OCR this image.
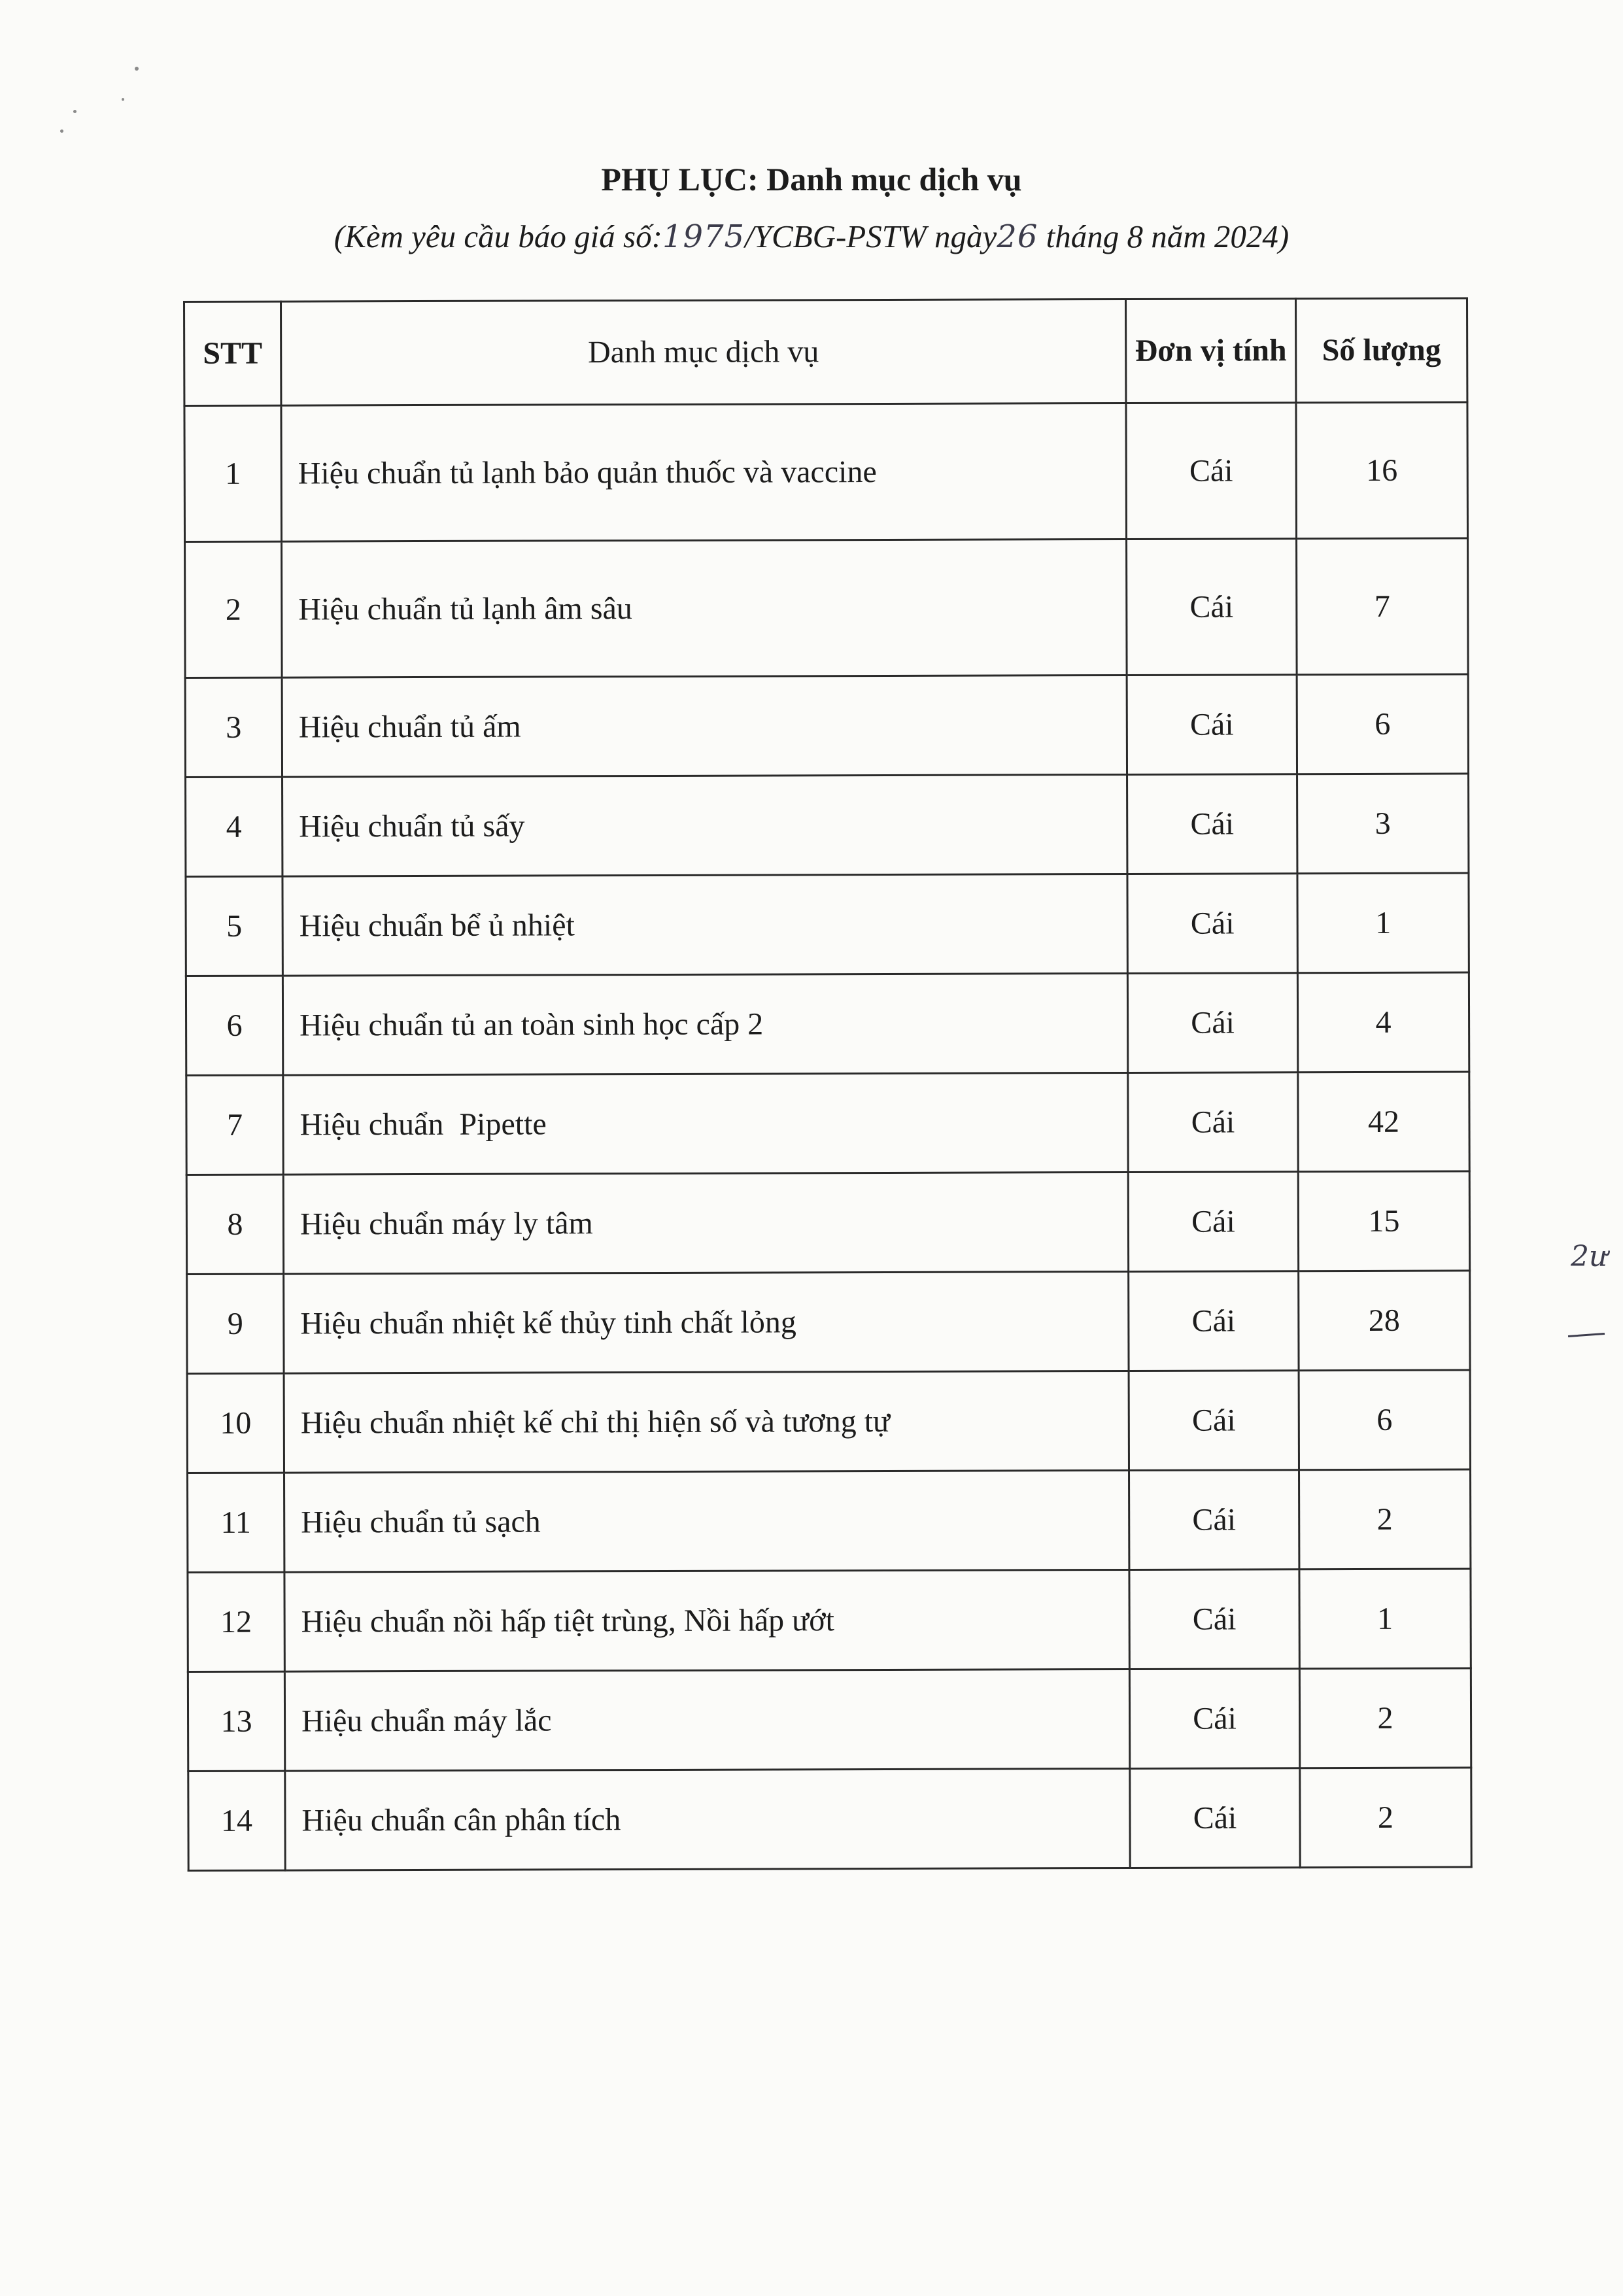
PHỤ LỤC: Danh mục dịch vụ

(Kèm yêu cầu báo giá số:1975/YCBG-PSTW ngày26 tháng 8 năm 2024)

STT	Danh mục dịch vụ	Đơn vị tính	Số lượng
1	Hiệu chuẩn tủ lạnh bảo quản thuốc và vaccine	Cái	16
2	Hiệu chuẩn tủ lạnh âm sâu	Cái	7
3	Hiệu chuẩn tủ ấm	Cái	6
4	Hiệu chuẩn tủ sấy	Cái	3
5	Hiệu chuẩn bể ủ nhiệt	Cái	1
6	Hiệu chuẩn tủ an toàn sinh học cấp 2	Cái	4
7	Hiệu chuẩn  Pipette	Cái	42
8	Hiệu chuẩn máy ly tâm	Cái	15
9	Hiệu chuẩn nhiệt kế thủy tinh chất lỏng	Cái	28
10	Hiệu chuẩn nhiệt kế chỉ thị hiện số và tương tự	Cái	6
11	Hiệu chuẩn tủ sạch	Cái	2
12	Hiệu chuẩn nồi hấp tiệt trùng, Nồi hấp ướt	Cái	1
13	Hiệu chuẩn máy lắc	Cái	2
14	Hiệu chuẩn cân phân tích	Cái	2
2ư
